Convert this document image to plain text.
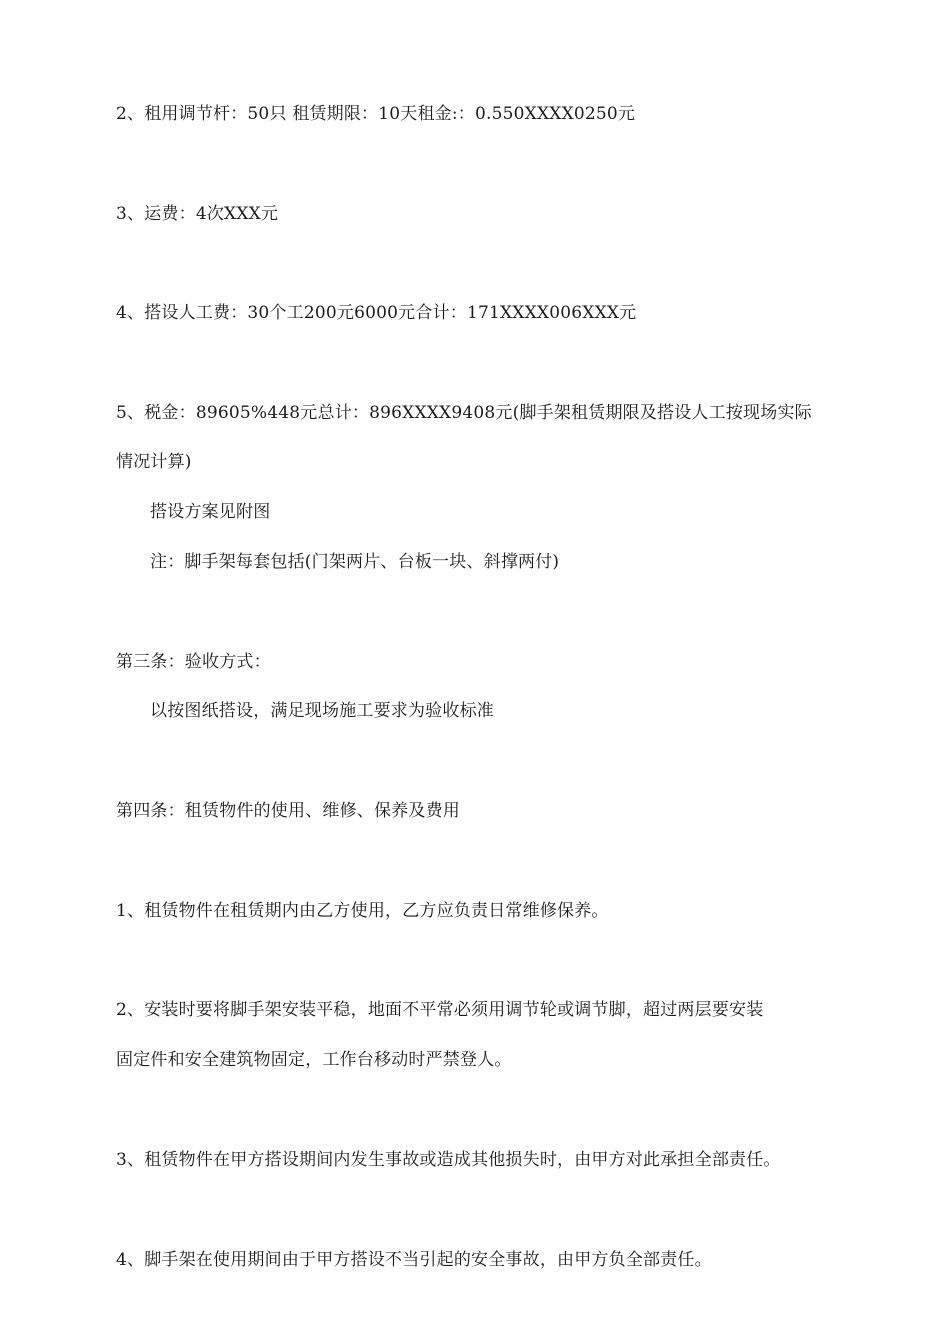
2、租用调节杆：50只 租赁期限：10天租金:：0.550XXXX0250元
3、运费：4次XXX元
4、搭设人工费：30个工200元6000元合计：171XXXX006XXX元
5、税金：89605%448元总计：896XXXX9408元(脚手架租赁期限及搭设人工按现场实际
情况计算)
搭设方案见附图
注：脚手架每套包括(门架两片、台板一块、斜撑两付)
第三条：验收方式：
以按图纸搭设，满足现场施工要求为验收标准
第四条：租赁物件的使用、维修、保养及费用
1、租赁物件在租赁期内由乙方使用，乙方应负责日常维修保养。
2、安装时要将脚手架安装平稳，地面不平常必须用调节轮或调节脚，超过两层要安装
固定件和安全建筑物固定，工作台移动时严禁登人。
3、租赁物件在甲方搭设期间内发生事故或造成其他损失时，由甲方对此承担全部责任。
4、脚手架在使用期间由于甲方搭设不当引起的安全事故，由甲方负全部责任。
